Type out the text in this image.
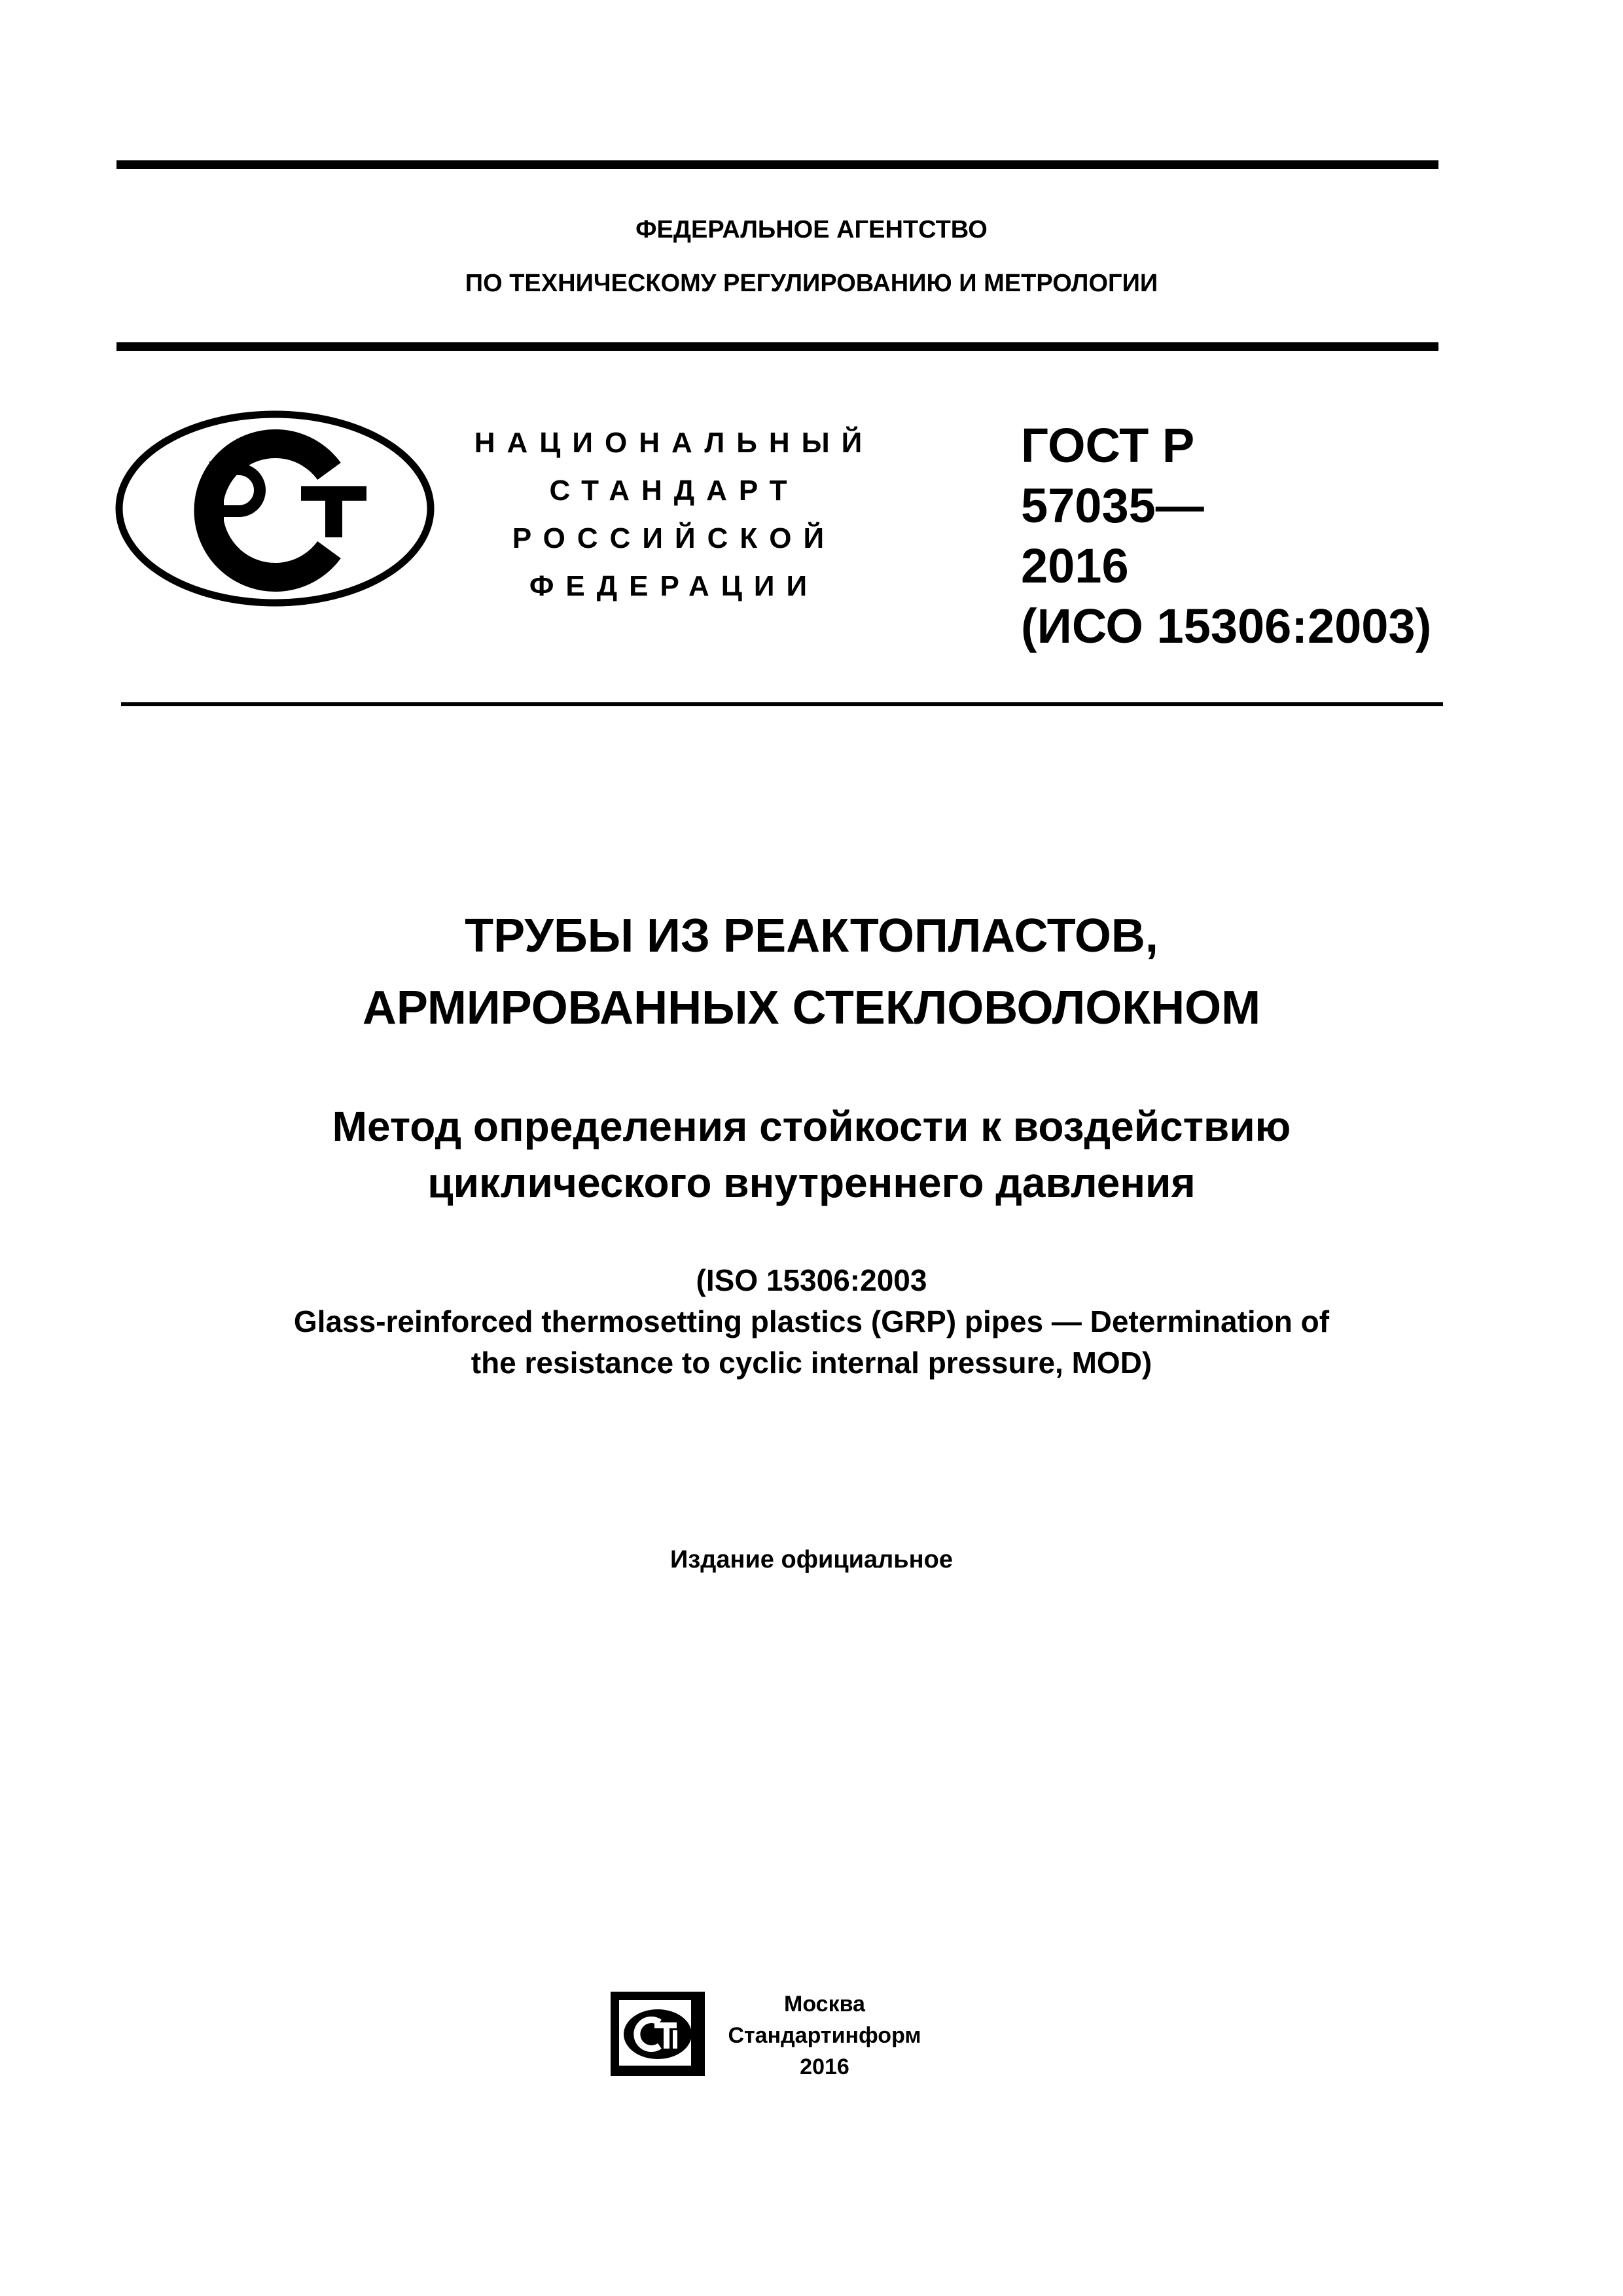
ФЕДЕРАЛЬНОЕ АГЕНТСТВО
ПО ТЕХНИЧЕСКОМУ РЕГУЛИРОВАНИЮ И МЕТРОЛОГИИ
НАЦИОНАЛЬНЫЙ
СТАНДАРТ
РОССИЙСКОЙ
ФЕДЕРАЦИИ
ГОСТ Р
57035—
2016
(ИСО 15306:2003)
ТРУБЫ ИЗ РЕАКТОПЛАСТОВ,
АРМИРОВАННЫХ СТЕКЛОВОЛОКНОМ
Метод определения стойкости к воздействию
циклического внутреннего давления
(ISO 15306:2003
Glass-reinforced thermosetting plastics (GRP) pipes — Determination of
the resistance to cyclic internal pressure, MOD)
Издание официальное
Москва
Стандартинформ
2016
